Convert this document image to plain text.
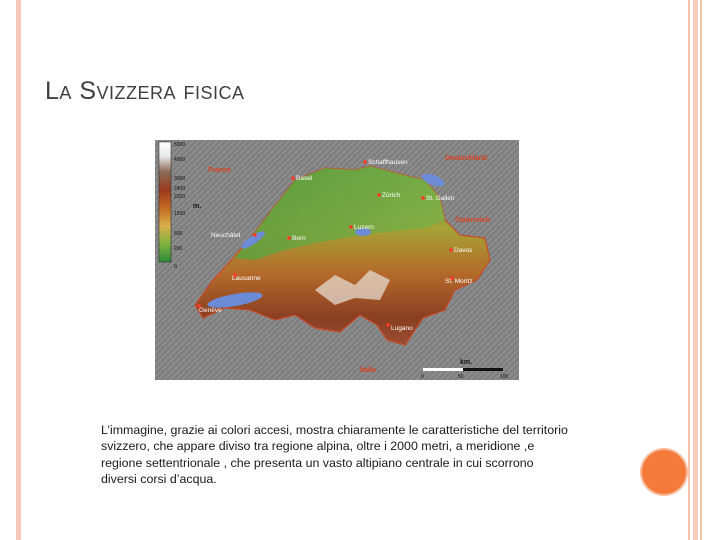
La Svizzera fisica
5000
4000
3000
2400
2200
1500
500
200
0
m.
France
Deutschland
Österreich
Italia
Schaffhausen
Basel
Zürich	St. Gallen
Luzern
Neuchâtel	Bern
Davos
Lausanne	St. Moritz
Genève
Lugano
km.
0	50	100
L’immagine, grazie ai colori accesi, mostra chiaramente le caratteristiche del territorio svizzero, che appare diviso tra regione alpina, oltre i 2000 metri, a meridione ,e regione settentrionale , che presenta un vasto altipiano centrale in cui scorrono diversi corsi d’acqua.
